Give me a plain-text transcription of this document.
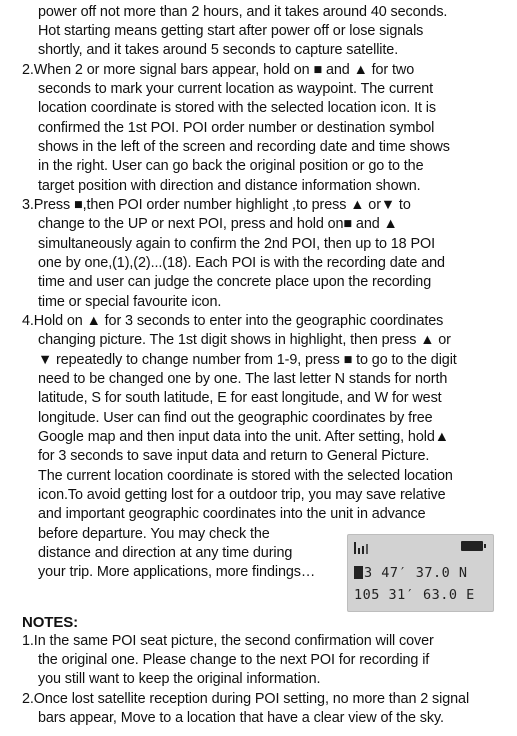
power off not more than 2 hours, and it takes around 40 seconds.
Hot starting means getting start after power off or lose signals
shortly, and it takes around 5 seconds to capture satellite.
2.When 2 or more signal bars appear, hold on ■ and ▲ for two
seconds to mark your current location as waypoint. The current
location coordinate is stored with the selected location icon. It is
confirmed the 1st POI. POI order number or destination symbol
shows in the left of the screen and recording date and time shows
in the right. User can go back the original position or go to the
target position with direction and distance information shown.
3.Press ■,then POI order number highlight ,to press ▲ or▼ to
change to the UP or next POI, press and hold on■ and ▲
simultaneously again to confirm the 2nd POI, then up to 18 POI
one by one,(1),(2)...(18). Each POI is with the recording date and
time and user can judge the concrete place upon the recording
time or special favourite icon.
4.Hold on ▲ for 3 seconds to enter into the geographic coordinates
changing picture. The 1st digit shows in highlight, then press ▲ or
▼ repeatedly to change number from 1-9, press ■ to go to the digit
need to be changed one by one. The last letter N stands for north
latitude, S for south latitude, E for east longitude, and W for west
longitude. User can find out the geographic coordinates by free
Google map and then input data into the unit. After setting, hold▲
for 3 seconds to save input data and return to General Picture.
The current location coordinate is stored with the selected location
icon.To avoid getting lost for a outdoor trip, you may save relative
and important geographic coordinates into the unit in advance
before departure. You may check the
distance and direction at any time during
your trip. More applications, more findings…	3 47′ 37.0 N
105 31′ 63.0 E
NOTES:
1.In the same POI seat picture, the second confirmation will cover
the original one. Please change to the next POI for recording if
you still want to keep the original information.
2.Once lost satellite reception during POI setting, no more than 2 signal
bars appear, Move to a location that have a clear view of the sky.
